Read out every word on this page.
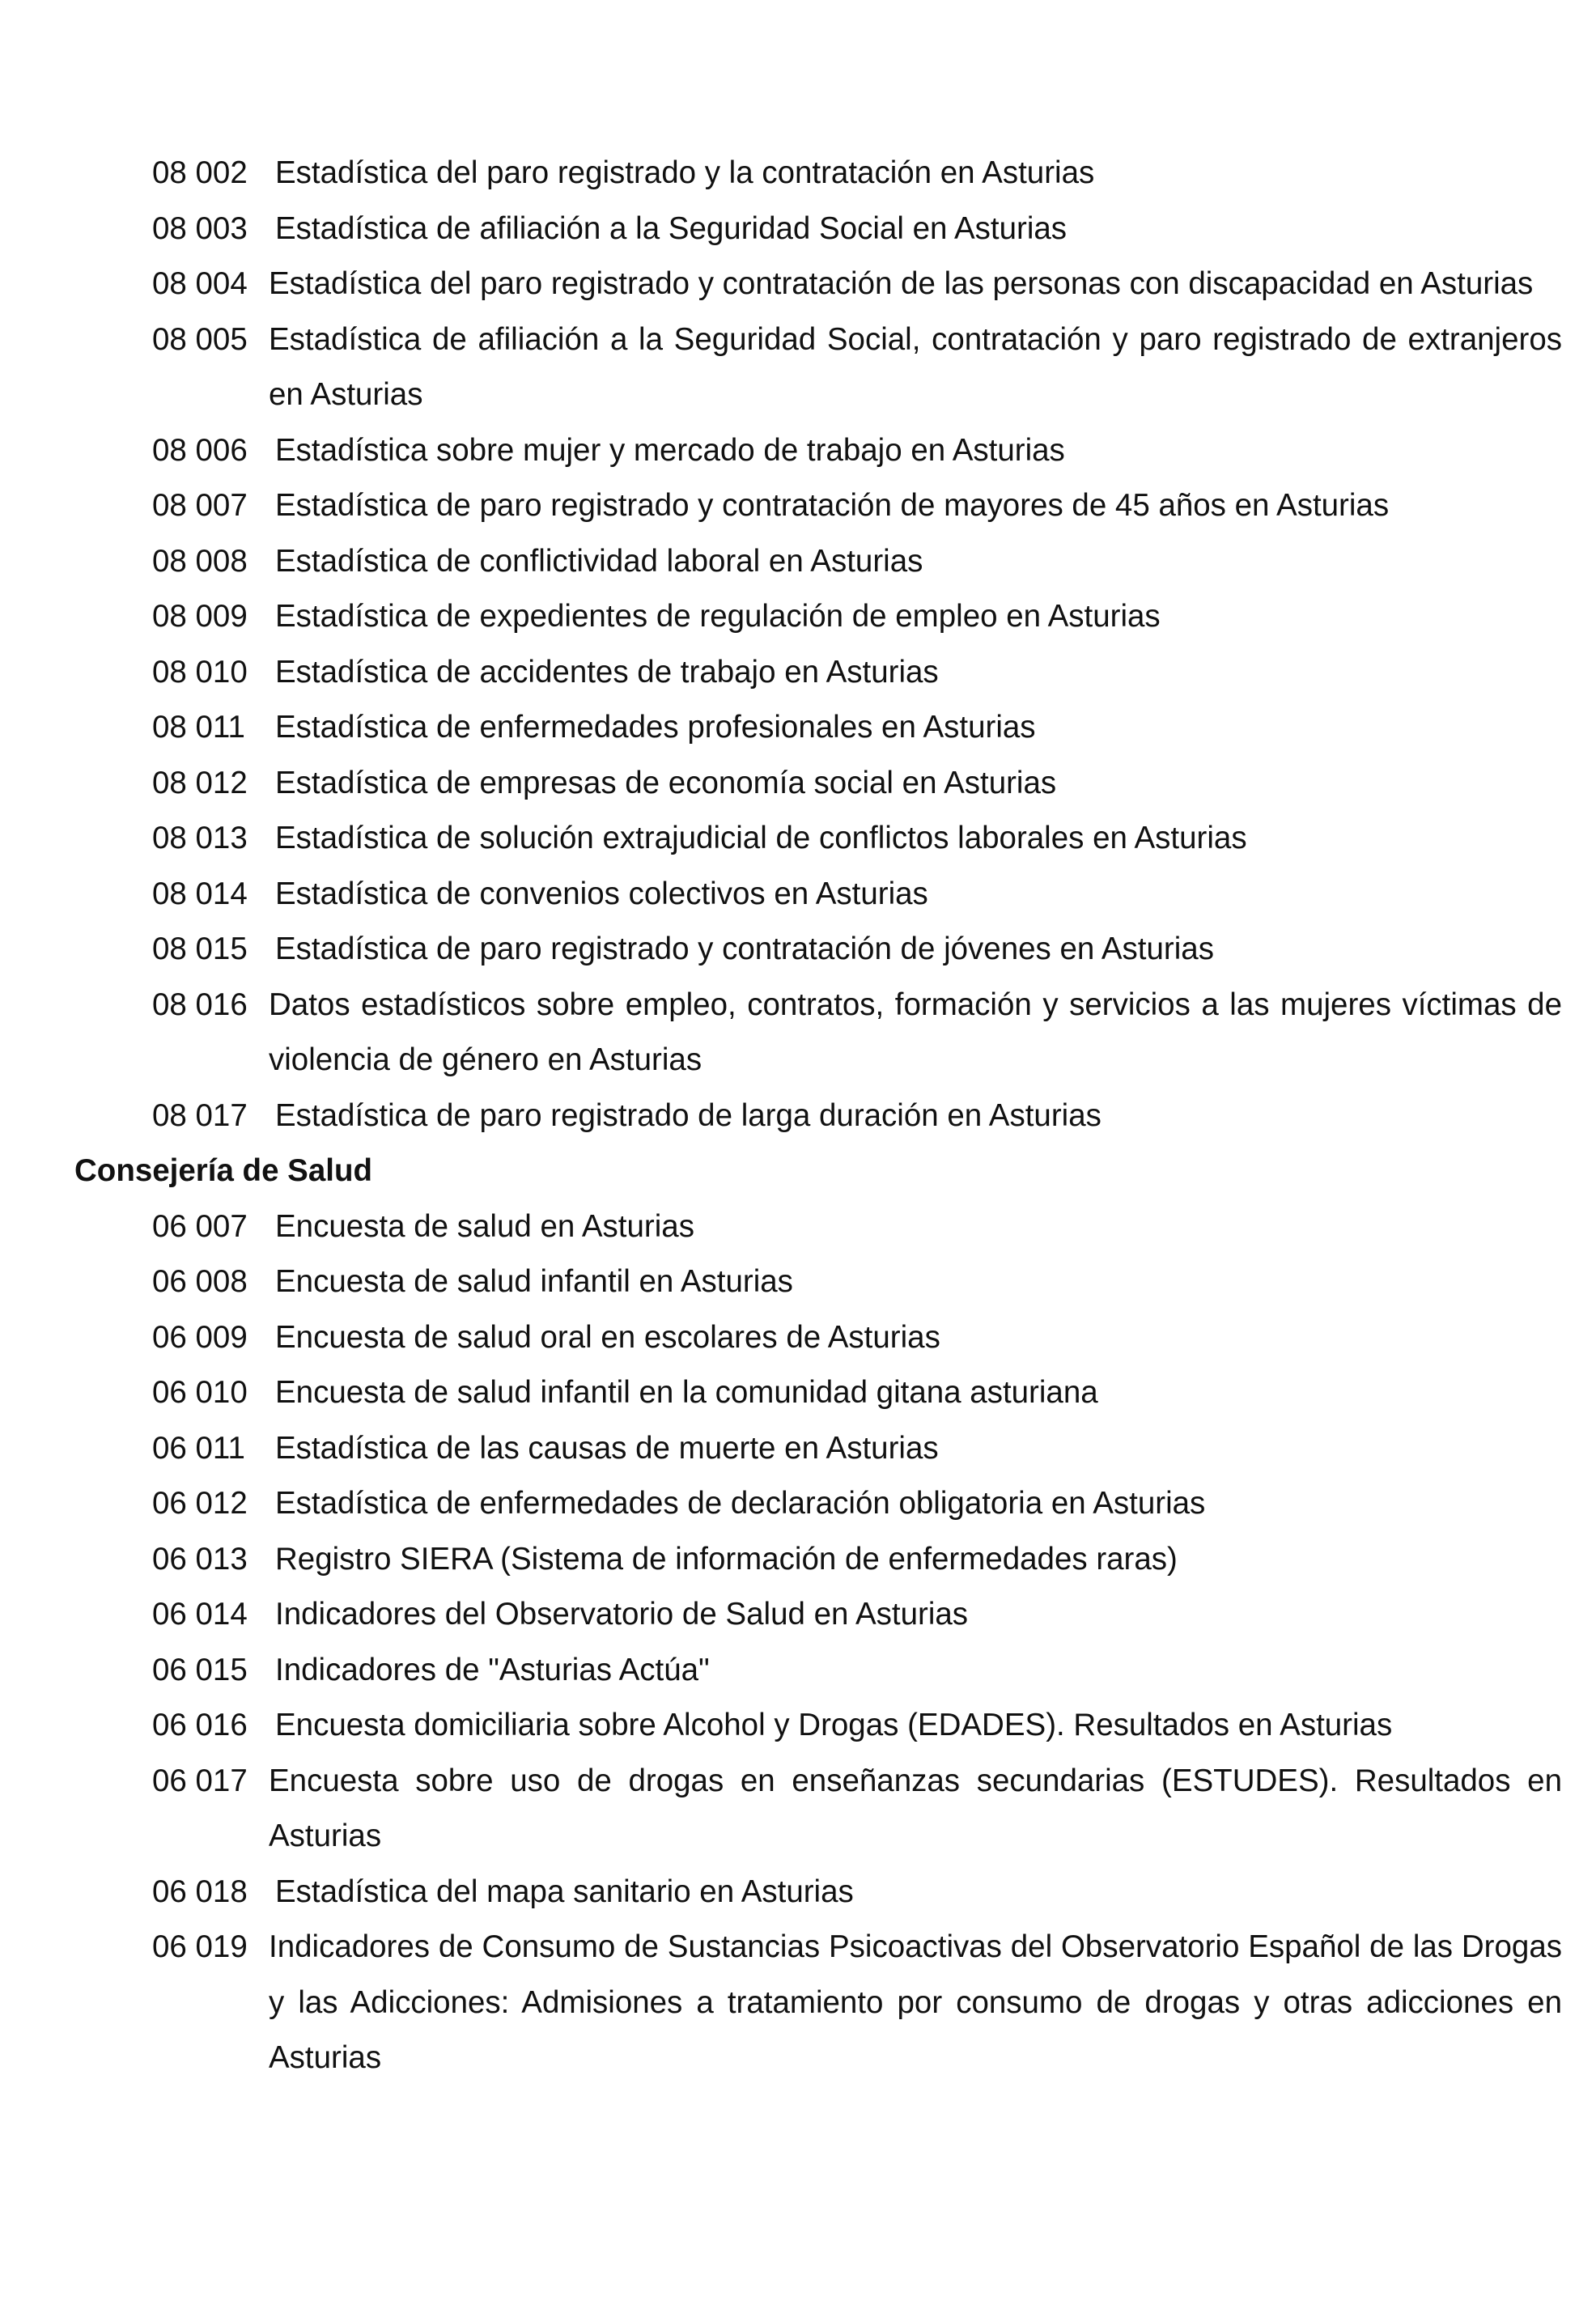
08 002 Estadística del paro registrado y la contratación en Asturias
08 003 Estadística de afiliación a la Seguridad Social en Asturias
08 004 Estadística del paro registrado y contratación de las personas con discapacidad en Asturias
08 005 Estadística de afiliación a la Seguridad Social, contratación y paro registrado de extranjeros en Asturias
08 006 Estadística sobre mujer y mercado de trabajo en Asturias
08 007 Estadística de paro registrado y contratación de mayores de 45 años en Asturias
08 008 Estadística de conflictividad laboral en Asturias
08 009 Estadística de expedientes de regulación de empleo en Asturias
08 010 Estadística de accidentes de trabajo en Asturias
08 011 Estadística de enfermedades profesionales en Asturias
08 012 Estadística de empresas de economía social en Asturias
08 013 Estadística de solución extrajudicial de conflictos laborales en Asturias
08 014 Estadística de convenios colectivos en Asturias
08 015 Estadística de paro registrado y contratación de jóvenes en Asturias
08 016 Datos estadísticos sobre empleo, contratos, formación y servicios a las mujeres víctimas de violencia de género en Asturias
08 017 Estadística de paro registrado de larga duración en Asturias
Consejería de Salud
06 007 Encuesta de salud en Asturias
06 008 Encuesta de salud infantil en Asturias
06 009 Encuesta de salud oral en escolares de Asturias
06 010 Encuesta de salud infantil en la comunidad gitana asturiana
06 011 Estadística de las causas de muerte en Asturias
06 012 Estadística de enfermedades de declaración obligatoria en Asturias
06 013 Registro SIERA (Sistema de información de enfermedades raras)
06 014 Indicadores del Observatorio de Salud en Asturias
06 015 Indicadores de "Asturias Actúa"
06 016 Encuesta domiciliaria sobre Alcohol y Drogas (EDADES). Resultados en Asturias
06 017 Encuesta sobre uso de drogas en enseñanzas secundarias (ESTUDES). Resultados en Asturias
06 018 Estadística del mapa sanitario en Asturias
06 019 Indicadores de Consumo de Sustancias Psicoactivas del Observatorio Español de las Drogas y las Adicciones: Admisiones a tratamiento por consumo de drogas y otras adicciones en Asturias
